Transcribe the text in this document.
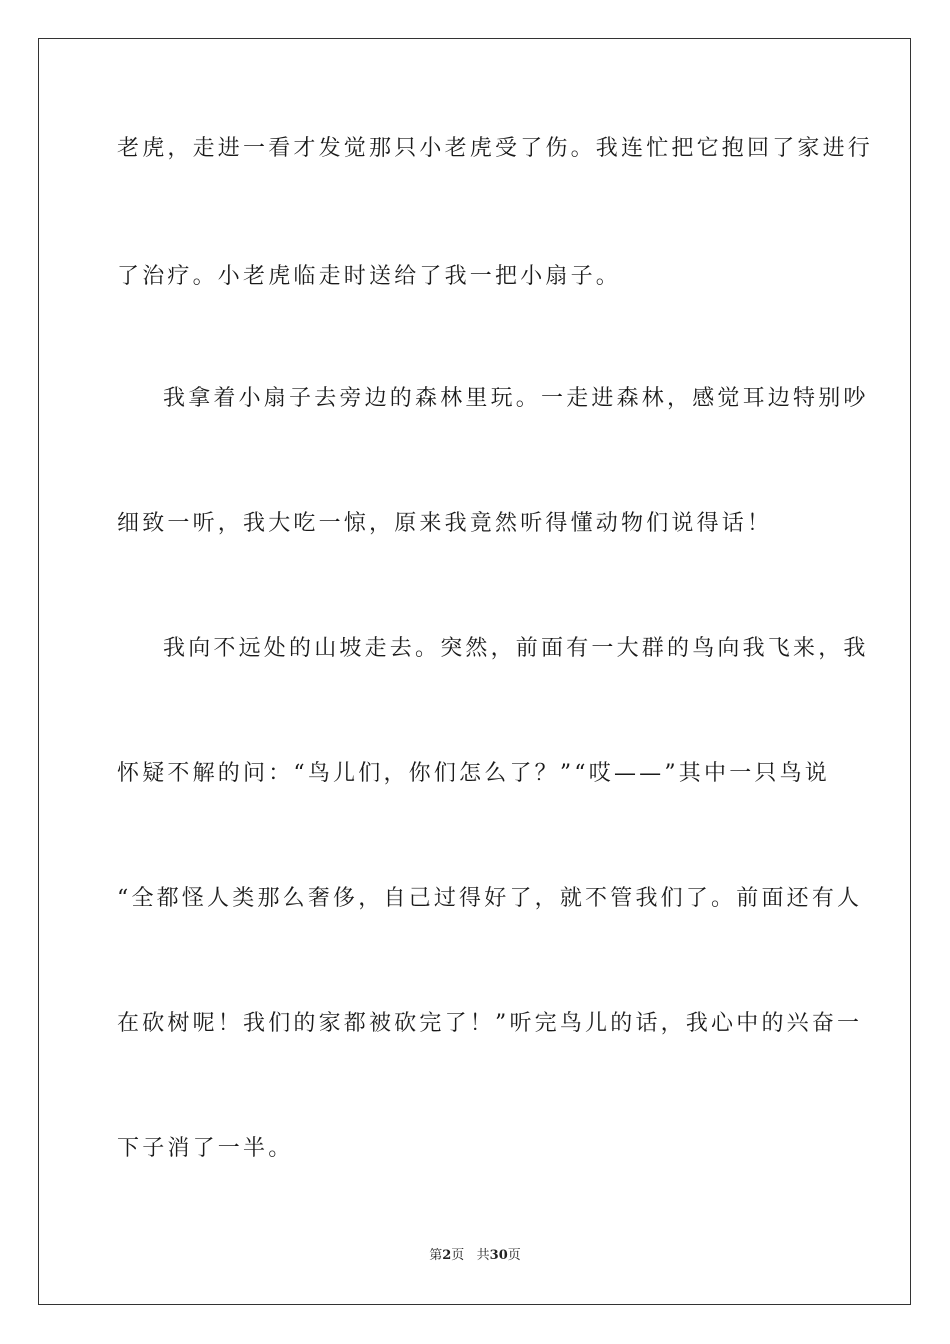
老虎，走进一看才发觉那只小老虎受了伤。我连忙把它抱回了家进行
了治疗。小老虎临走时送给了我一把小扇子。
我拿着小扇子去旁边的森林里玩。一走进森林，感觉耳边特别吵
细致一听，我大吃一惊，原来我竟然听得懂动物们说得话！
我向不远处的山坡走去。突然，前面有一大群的鸟向我飞来，我
怀疑不解的问：“鸟儿们，你们怎么了？”“哎——”其中一只鸟说
“全都怪人类那么奢侈，自己过得好了，就不管我们了。前面还有人
在砍树呢！我们的家都被砍完了！”听完鸟儿的话，我心中的兴奋一
下子消了一半。
第2页   共30页
